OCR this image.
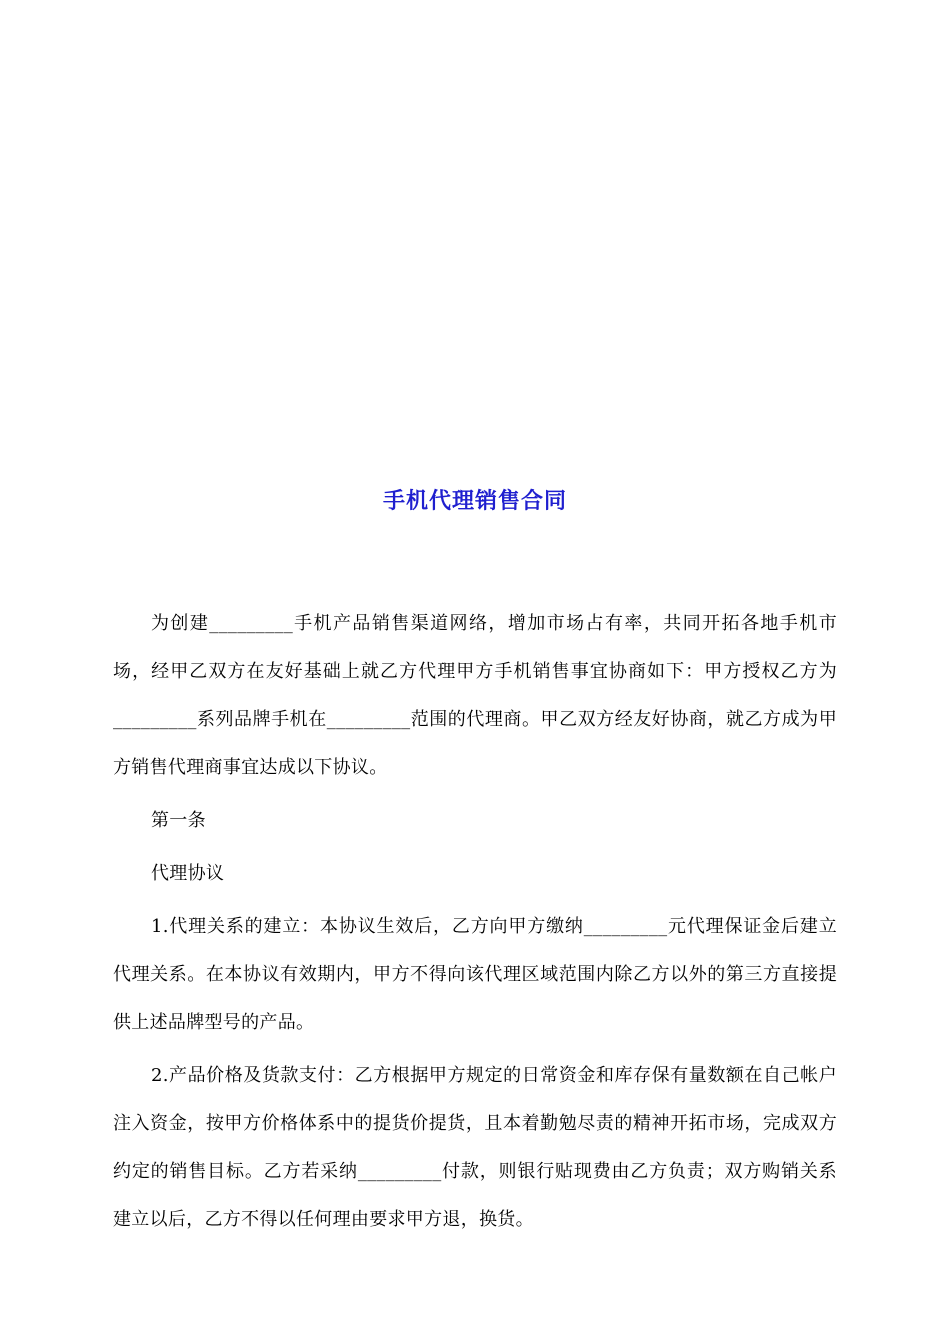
手机代理销售合同

为创建_________手机产品销售渠道网络，增加市场占有率，共同开拓各地手机市场，经甲乙双方在友好基础上就乙方代理甲方手机销售事宜协商如下：甲方授权乙方为_________系列品牌手机在_________范围的代理商。甲乙双方经友好协商，就乙方成为甲方销售代理商事宜达成以下协议。

第一条

代理协议

1.代理关系的建立：本协议生效后，乙方向甲方缴纳_________元代理保证金后建立代理关系。在本协议有效期内，甲方不得向该代理区域范围内除乙方以外的第三方直接提供上述品牌型号的产品。

2.产品价格及货款支付：乙方根据甲方规定的日常资金和库存保有量数额在自己帐户注入资金，按甲方价格体系中的提货价提货，且本着勤勉尽责的精神开拓市场，完成双方约定的销售目标。乙方若采纳_________付款，则银行贴现费由乙方负责；双方购销关系建立以后，乙方不得以任何理由要求甲方退，换货。
